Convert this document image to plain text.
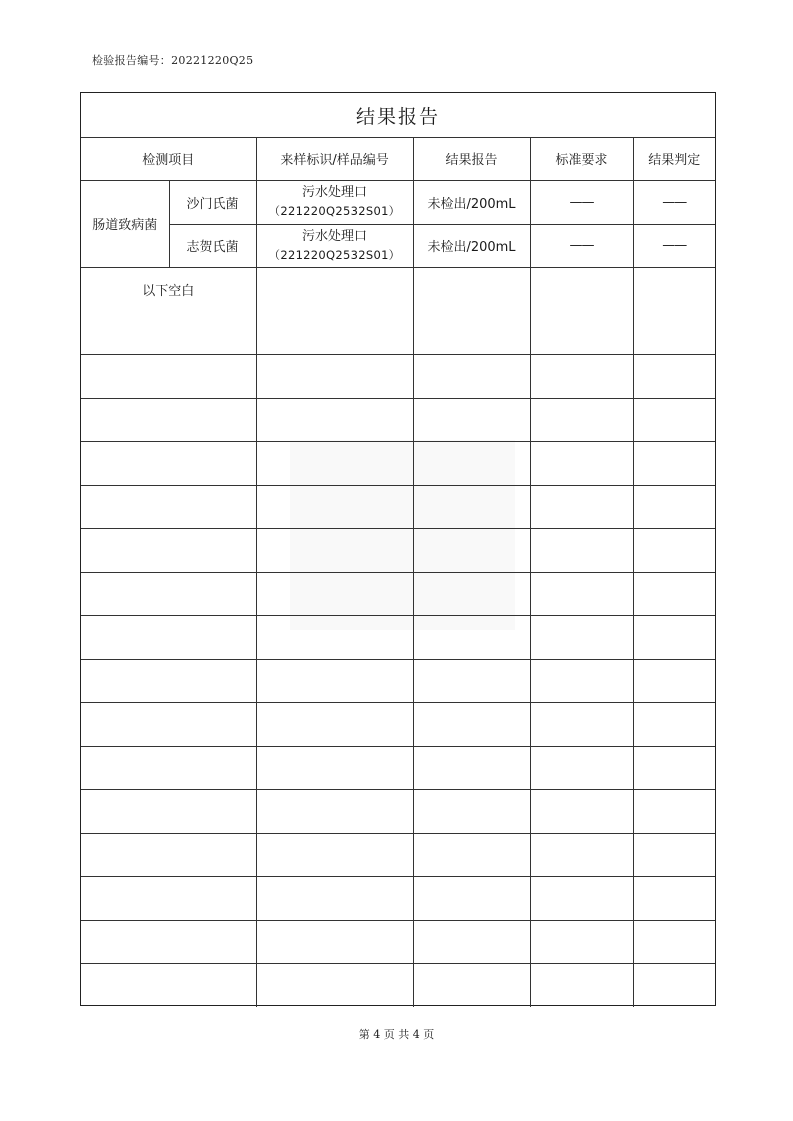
检验报告编号：20221220Q25
结果报告
检测项目		来样标识/样品编号	结果报告	标准要求	结果判定
肠道致病菌	沙门氏菌	污水处理口
（221220Q2532S01）	未检出/200mL	——	——
	志贺氏菌	污水处理口
（221220Q2532S01）	未检出/200mL	——	——
以下空白					

第 4 页 共 4 页
